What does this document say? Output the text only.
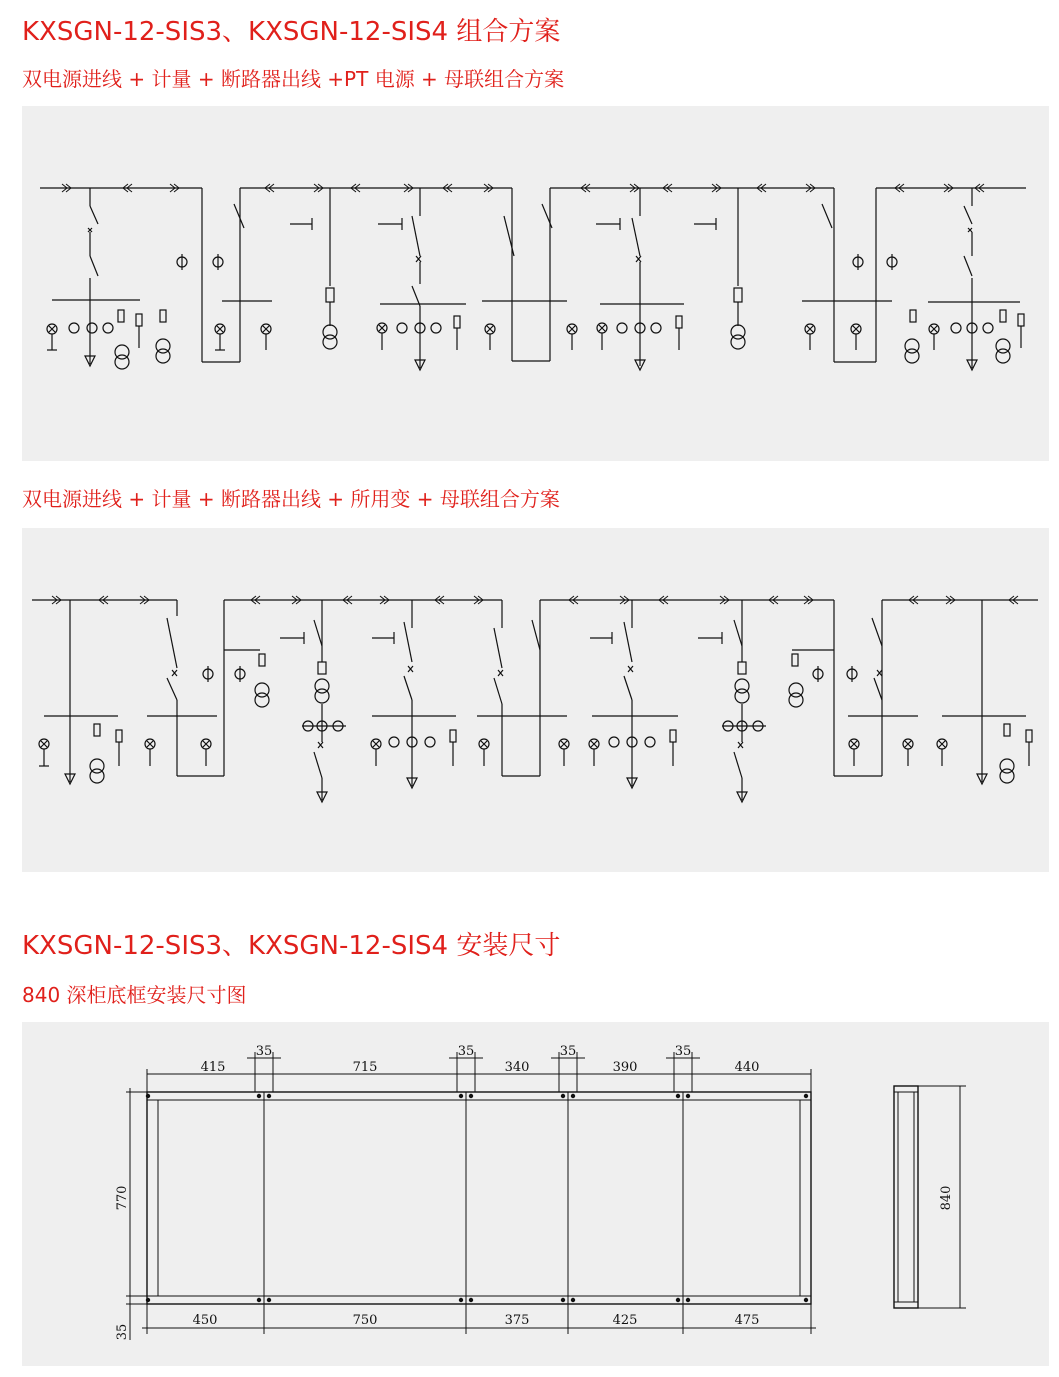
KXSGN-12-SIS3、KXSGN-12-SIS4 组合方案
双电源进线 + 计量 + 断路器出线 +PT 电源 + 母联组合方案
双电源进线 + 计量 + 断路器出线 + 所用变 + 母联组合方案
KXSGN-12-SIS3、KXSGN-12-SIS4 安装尺寸
840 深柜底框安装尺寸图
415
35
715
35
340
35
390
35
440
450	750	375	425	475
770
35
840
